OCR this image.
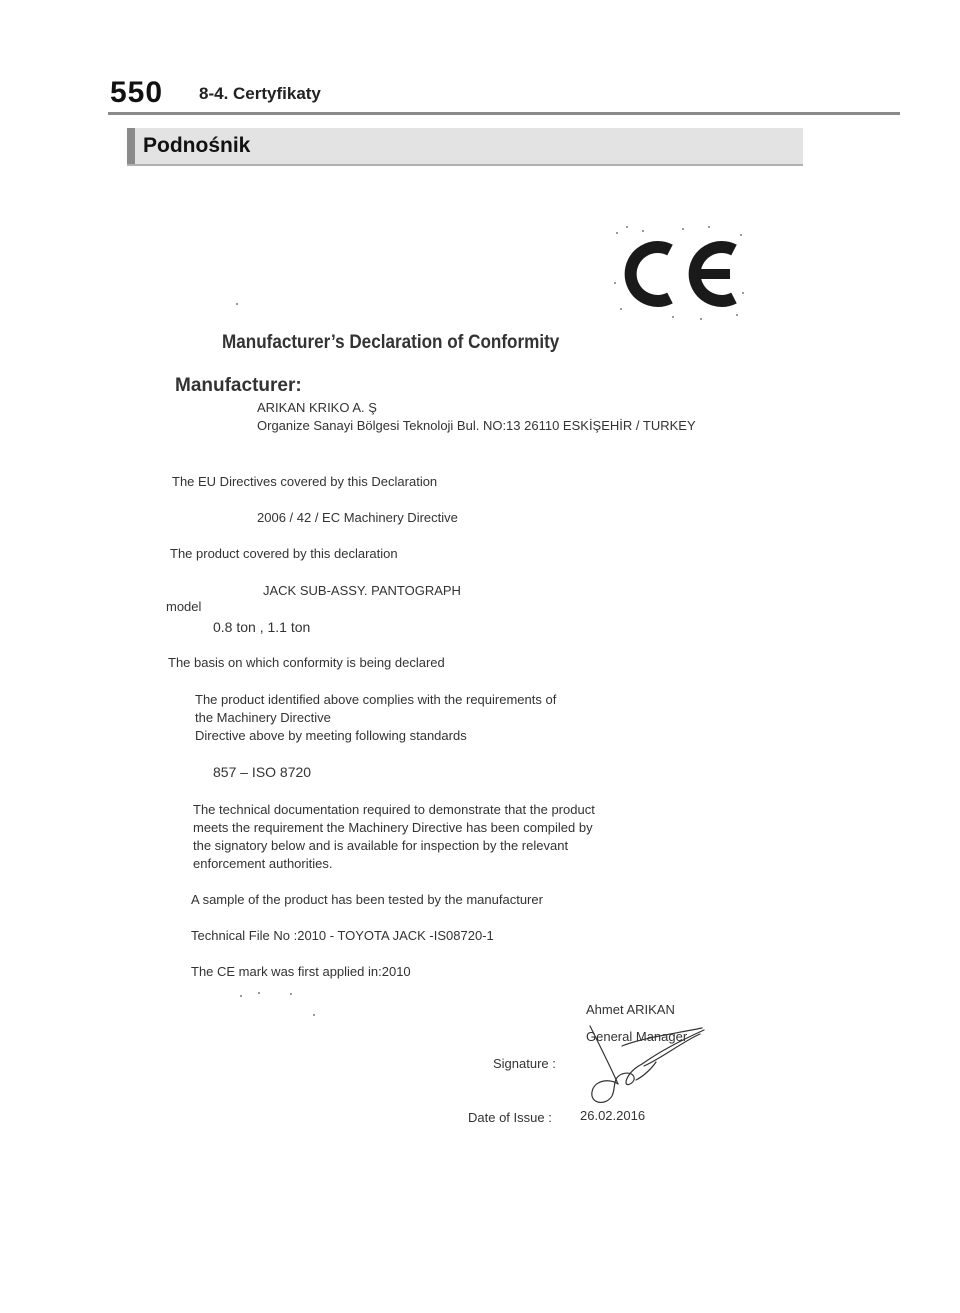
550 8-4. Certyfikaty
Podnośnik
Manufacturer’s Declaration of Conformity
Manufacturer:
ARIKAN KRIKO A. Ş
Organize Sanayi Bölgesi Teknoloji Bul. NO:13 26110 ESKİŞEHİR / TURKEY
The EU Directives covered by this Declaration
2006 / 42 / EC Machinery Directive
The product covered by this declaration
JACK SUB-ASSY. PANTOGRAPH
model
0.8 ton , 1.1 ton
The basis on which conformity is being declared
The product identified above complies with the requirements of
the Machinery Directive
Directive above by meeting following standards
857 – ISO 8720
The technical documentation required to demonstrate that the product
meets the requirement the Machinery Directive has been compiled by
the signatory below and is available for inspection by the relevant
enforcement authorities.
A sample of the product has been tested by the manufacturer
Technical File No :2010 - TOYOTA JACK -IS08720-1
The CE mark was first applied in:2010
Ahmet ARIKAN
General Manager
Signature :
Date of Issue : 26.02.2016
